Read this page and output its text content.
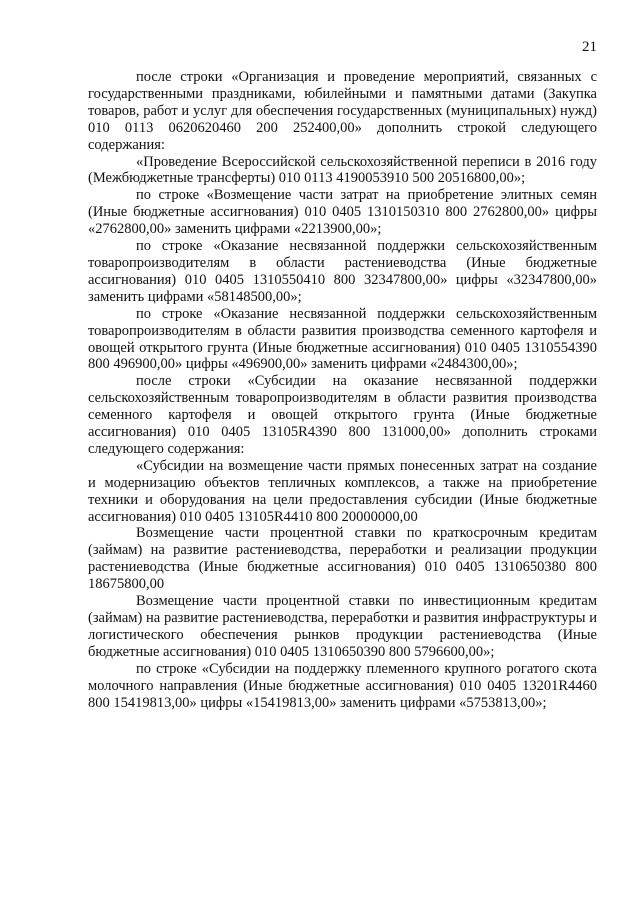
21

после строки «Организация и проведение мероприятий, связанных с государственными праздниками, юбилейными и памятными датами (Закупка товаров, работ и услуг для обеспечения государственных (муниципальных) нужд) 010 0113 0620620460 200 252400,00» дополнить строкой следующего содержания:

«Проведение Всероссийской сельскохозяйственной переписи в 2016 году (Межбюджетные трансферты) 010 0113 4190053910 500 20516800,00»;

по строке «Возмещение части затрат на приобретение элитных семян (Иные бюджетные ассигнования) 010 0405 1310150310 800 2762800,00» цифры «2762800,00» заменить цифрами «2213900,00»;

по строке «Оказание несвязанной поддержки сельскохозяйственным товаропроизводителям в области растениеводства (Иные бюджетные ассигнования) 010 0405 1310550410 800 32347800,00» цифры «32347800,00» заменить цифрами «58148500,00»;

по строке «Оказание несвязанной поддержки сельскохозяйственным товаропроизводителям в области развития производства семенного картофеля и овощей открытого грунта (Иные бюджетные ассигнования) 010 0405 1310554390 800 496900,00» цифры «496900,00» заменить цифрами «2484300,00»;

после строки «Субсидии на оказание несвязанной поддержки сельскохозяйственным товаропроизводителям в области развития производства семенного картофеля и овощей открытого грунта (Иные бюджетные ассигнования) 010 0405 13105R4390 800 131000,00» дополнить строками следующего содержания:

«Субсидии на возмещение части прямых понесенных затрат на создание и модернизацию объектов тепличных комплексов, а также на приобретение техники и оборудования на цели предоставления субсидии (Иные бюджетные ассигнования) 010 0405 13105R4410 800 20000000,00

Возмещение части процентной ставки по краткосрочным кредитам (займам) на развитие растениеводства, переработки и реализации продукции растениеводства (Иные бюджетные ассигнования) 010 0405 1310650380 800 18675800,00

Возмещение части процентной ставки по инвестиционным кредитам (займам) на развитие растениеводства, переработки и развития инфраструктуры и логистического обеспечения рынков продукции растениеводства (Иные бюджетные ассигнования) 010 0405 1310650390 800 5796600,00»;

по строке «Субсидии на поддержку племенного крупного рогатого скота молочного направления (Иные бюджетные ассигнования) 010 0405 13201R4460 800 15419813,00» цифры «15419813,00» заменить цифрами «5753813,00»;
